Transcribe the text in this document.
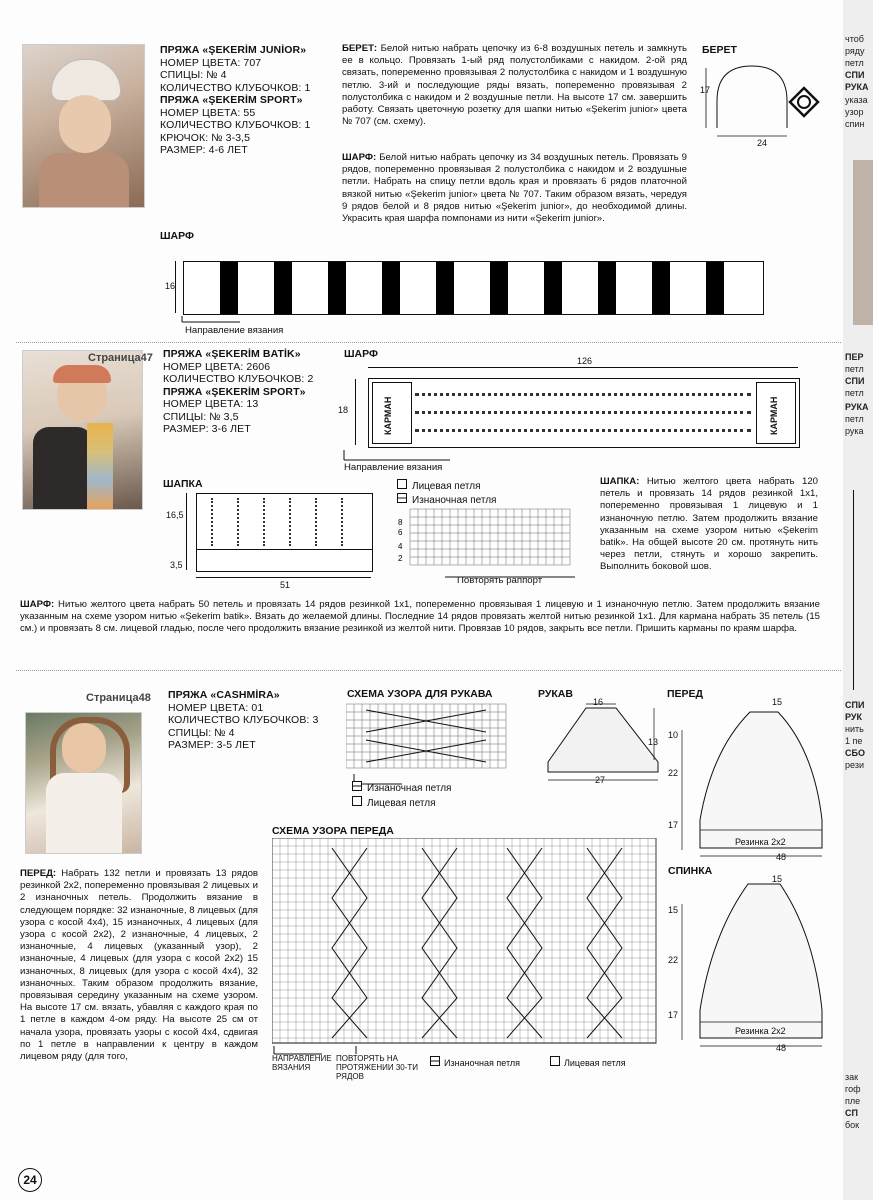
ПРЯЖА «ŞEKERİM JUNİOR»
НОМЕР ЦВЕТА: 707
СПИЦЫ: № 4
КОЛИЧЕСТВО КЛУБОЧКОВ: 1
ПРЯЖА «ŞEKERİM SPORT»
НОМЕР ЦВЕТА: 55
КОЛИЧЕСТВО КЛУБОЧКОВ: 1
КРЮЧОК: № 3-3,5
РАЗМЕР: 4-6 ЛЕТ
БЕРЕТ: Белой нитью набрать цепочку из 6-8 воздушных петель и замкнуть ее в кольцо. Провязать 1-ый ряд полустолбиками с накидом. 2-ой ряд связать, попеременно провязывая 2 полустолбика с накидом и 1 воздушную петлю. 3-ий и последующие ряды вязать, попеременно провязывая 2 полустолбика с накидом и 2 воздушные петли. На высоте 17 см. завершить работу. Связать цветочную розетку для шапки нитью «Şekerim junior» цвета № 707 (см. схему).
ШАРФ: Белой нитью набрать цепочку из 34 воздушных петель. Провязать 9 рядов, попеременно провязывая 2 полустолбика с накидом и 2 воздушные петли. Набрать на спицу петли вдоль края и провязать 6 рядов платочной вязкой нитью «Şekerim junior» цвета № 707. Таким образом вязать, чередуя 9 рядов белой и 8 рядов нитью «Şekerim junior», до необходимой длины. Украсить края шарфа помпонами из нити «Şekerim junior».
БЕРЕТ
17
24
ШАРФ
16
Направление вязания
Страница47 ПРЯЖА «ŞEKERİM BATİK»
НОМЕР ЦВЕТА: 2606
КОЛИЧЕСТВО КЛУБОЧКОВ: 2
ПРЯЖА «ŞEKERİM SPORT»
НОМЕР ЦВЕТА: 13
СПИЦЫ: № 3,5
РАЗМЕР: 3-6 ЛЕТ
ШАРФ
126
18	КАРМАН	КАРМАН
Направление вязания
ШАПКА
16,5
3,5
51
Лицевая петля
Изнаночная петля
6
8
4
2
Повторять раппорт
ШАПКА: Нитью желтого цвета набрать 120 петель и провязать 14 рядов резинкой 1х1, попеременно провязывая 1 лицевую и 1 изнаночную петлю. Затем продолжить вязание указанным на схеме узором нитью «Şekerim batik». На общей высоте 20 см. протянуть нить через петли, стянуть и хорошо закрепить. Выполнить боковой шов.
ШАРФ: Нитью желтого цвета набрать 50 петель и провязать 14 рядов резинкой 1х1, попеременно провязывая 1 лицевую и 1 изнаночную петлю. Затем продолжить вязание указанным на схеме узором нитью «Şekerim batik». Вязать до желаемой длины. Последние 14 рядов провязать желтой нитью резинкой 1х1. Для кармана набрать 35 петель (15 см.) и провязать 8 см. лицевой гладью, после чего продолжить вязание резинкой из желтой нити. Провязав 10 рядов, закрыть все петли. Пришить карманы по краям шарфа.
Страница48 ПРЯЖА «CASHMİRA»
НОМЕР ЦВЕТА: 01
КОЛИЧЕСТВО КЛУБОЧКОВ: 3
СПИЦЫ: № 4
РАЗМЕР: 3-5 ЛЕТ
СХЕМА УЗОРА ДЛЯ РУКАВА
Изнаночная петля
Лицевая петля
РУКАВ
16
13
27
ПЕРЕД
15
10
22
17
Резинка 2х2
48
СПИНКА
15
15
22
17
Резинка 2х2
48
СХЕМА УЗОРА ПЕРЕДА
НАПРАВЛЕНИЕ ВЯЗАНИЯ
ПОВТОРЯТЬ НА ПРОТЯЖЕНИИ 30-ТИ РЯДОВ
Изнаночная петля	Лицевая петля
ПЕРЕД: Набрать 132 петли и провязать 13 рядов резинкой 2х2, попеременно провязывая 2 лицевых и 2 изнаночных петель. Продолжить вязание в следующем порядке: 32 изнаночные, 8 лицевых (для узора с косой 4х4), 15 изнаночных, 4 лицевых (для узора с косой 2х2), 2 изнаночные, 4 лицевых, 2 изнаночные, 4 лицевых (указанный узор), 2 изнаночные, 4 лицевых (для узора с косой 2х2) 15 изнаночных, 8 лицевых (для узора с косой 4х4), 32 изнаночных. Таким образом продолжить вязание, провязывая середину указанным на схеме узором. На высоте 17 см. вязать, убавляя с каждого края по 1 петле в каждом 4-ом ряду. На высоте 25 см от начала узора, провязать узоры с косой 4х4, сдвигая по 1 петле в направлении к центру в каждом лицевом ряду (для того,
24
чтоб
ряду
петл
СПИ
РУКА
указа
узор
спин
ПЕР
петл
СПИ
петл
РУКА
петл
рука
СПИ
РУК
нить
1 пе
СБО
рези
зак
гоф
пле
СП
бок
